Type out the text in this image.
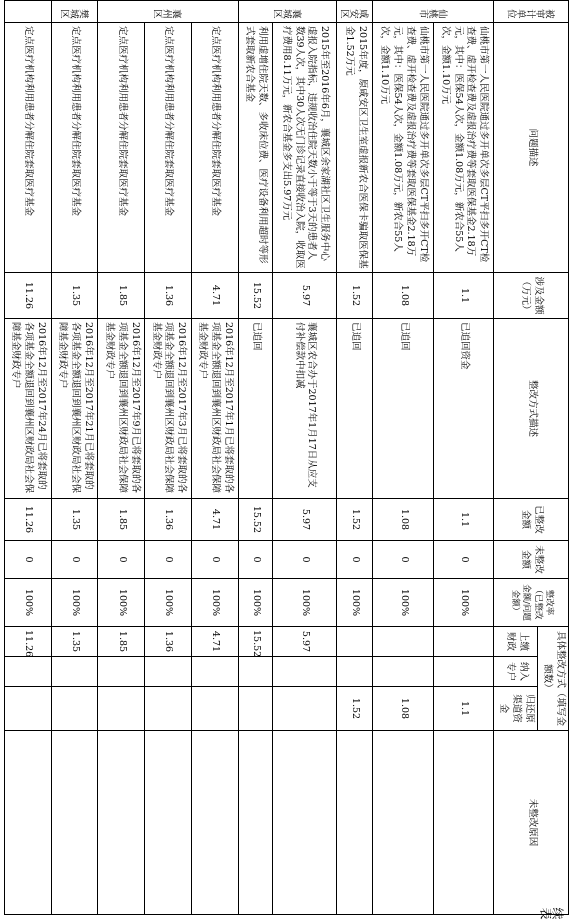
续表
被审计单位	问题描述	涉及金额（万元）	整改方式描述	已整改金额	未整改金额	整改率（已整改金额/问题金额）	具体整改方式（填写金额数）			未整改原因
							上缴财政	纳入专户	归还原渠道资金	
仙桃市	仙桃市第一人民医院通过多开单次多层CT平扫多开CT检查费、虚开检查费及虚报治疗费等套取医保基金2.18万元，其中：医保54人次，金额1.08万元，新农合55人次，金额1.10万元	1.1	已追回资金	1.1	0	100%			1.1	
	仙桃市第一人民医院通过多开单次多层CT平扫多开CT检查费、虚开检查费及虚报治疗费等套取医保基金2.18万元，其中：医保54人次，金额1.08万元，新农合55人次，金额1.10万元	1.08	已追回	1.08	0	100%			1.08	
咸安区	2015年度，原咸安区卫生室虚报新农合医保卡骗取医保基金1.52万元	1.52	已追回	1.52	0	100%			1.52	
襄城区	2015年至2016年6月，襄城区余家湖社区卫生服务中心虚报入院指标，违规收治住院天数小于等于3天的患者人数39人次，其中30人次无门诊记录直接收治入院，收取医疗费用8.11万元，新农合基金多支出5.97万元	5.97	襄城区农合办于2017年1月17日从应支付补偿款中扣减	5.97	0	100%	5.97			
	利用虚增住院天数、多收床位费、医疗设备利用超时等形式套取新农合基金	15.52	已追回	15.52	0	100%	15.52			
襄州区	定点医疗机构利用患者分解住院套取医疗基金	4.71	2016年12月至2017年1月已将套取的各项基金全额退回到襄州区财政局社会保障基金财政专户	4.71	0	100%	4.71			
	定点医疗机构利用患者分解住院套取医疗基金	1.36	2016年12月至2017年3月已将套取的各项基金全额退回到襄州区财政局社会保障基金财政专户	1.36	0	100%	1.36			
	定点医疗机构利用患者分解住院套取医疗基金	1.85	2016年12月至2017年9月已将套取的各项基金全额退回到襄州区财政局社会保障基金财政专户	1.85	0	100%	1.85			
樊城区	定点医疗机构利用患者分解住院套取医疗基金	1.35	2016年12月至2017年21月已将套取的各项基金全额退回到襄州区财政局社会保障基金财政专户	1.35	0	100%	1.35			
	定点医疗机构利用患者分解住院套取医疗基金	11.26	2016年12月至2017年24月已将套取的各项基金全额退回到襄州区财政局社会保障基金财政专户	11.26	0	100%	11.26			
